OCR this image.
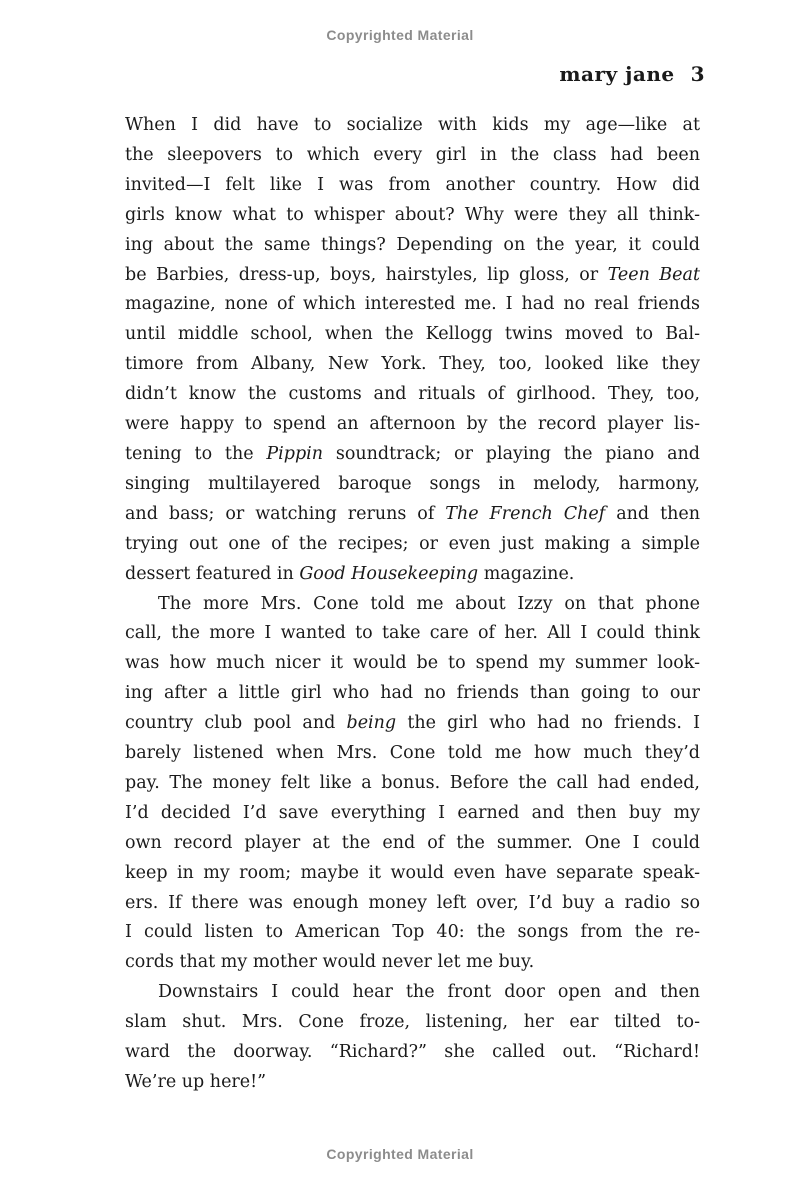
Copyrighted Material
mary jane 3

When I did have to socialize with kids my age—like at
the sleepovers to which every girl in the class had been
invited—I felt like I was from another country. How did
girls know what to whisper about? Why were they all think-
ing about the same things? Depending on the year, it could
be Barbies, dress-up, boys, hairstyles, lip gloss, or Teen Beat
magazine, none of which interested me. I had no real friends
until middle school, when the Kellogg twins moved to Bal-
timore from Albany, New York. They, too, looked like they
didn’t know the customs and rituals of girlhood. They, too,
were happy to spend an afternoon by the record player lis-
tening to the Pippin soundtrack; or playing the piano and
singing multilayered baroque songs in melody, harmony,
and bass; or watching reruns of The French Chef and then
trying out one of the recipes; or even just making a simple
dessert featured in Good Housekeeping magazine.

The more Mrs. Cone told me about Izzy on that phone
call, the more I wanted to take care of her. All I could think
was how much nicer it would be to spend my summer look-
ing after a little girl who had no friends than going to our
country club pool and being the girl who had no friends. I
barely listened when Mrs. Cone told me how much they’d
pay. The money felt like a bonus. Before the call had ended,
I’d decided I’d save everything I earned and then buy my
own record player at the end of the summer. One I could
keep in my room; maybe it would even have separate speak-
ers. If there was enough money left over, I’d buy a radio so
I could listen to American Top 40: the songs from the re-
cords that my mother would never let me buy.

Downstairs I could hear the front door open and then
slam shut. Mrs. Cone froze, listening, her ear tilted to-
ward the doorway. “Richard?” she called out. “Richard!
We’re up here!”

Copyrighted Material
